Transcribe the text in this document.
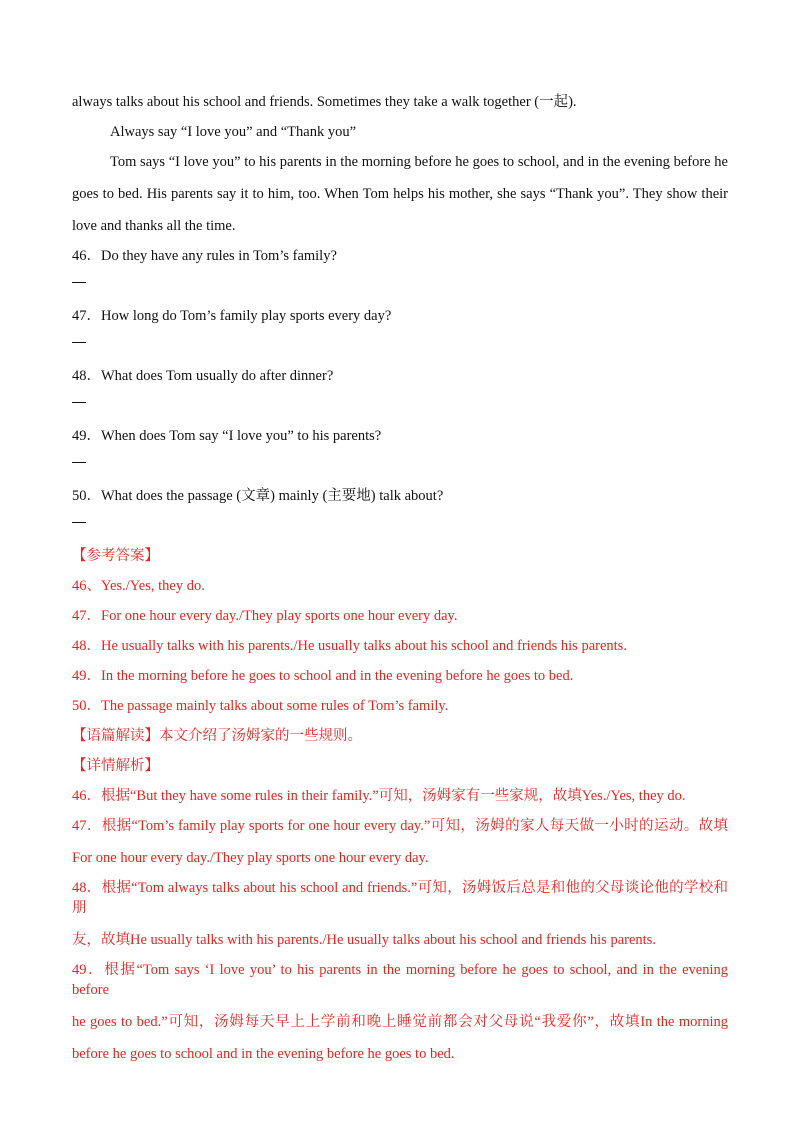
always talks about his school and friends. Sometimes they take a walk together (一起).
Always say “I love you” and “Thank you”
Tom says “I love you” to his parents in the morning before he goes to school, and in the evening before he
goes to bed. His parents say it to him, too. When Tom helps his mother, she says “Thank you”. They show their
love and thanks all the time.
46．Do they have any rules in Tom’s family?
47．How long do Tom’s family play sports every day?
48．What does Tom usually do after dinner?
49．When does Tom say “I love you” to his parents?
50．What does the passage (文章) mainly (主要地) talk about?
【参考答案】
46、Yes./Yes, they do.
47．For one hour every day./They play sports one hour every day.
48．He usually talks with his parents./He usually talks about his school and friends his parents.
49．In the morning before he goes to school and in the evening before he goes to bed.
50．The passage mainly talks about some rules of Tom’s family.
【语篇解读】本文介绍了汤姆家的一些规则。
【详情解析】
46．根据“But they have some rules in their family.”可知，汤姆家有一些家规，故填Yes./Yes, they do.
47．根据“Tom’s family play sports for one hour every day.”可知，汤姆的家人每天做一小时的运动。故填
For one hour every day./They play sports one hour every day.
48．根据“Tom always talks about his school and friends.”可知，汤姆饭后总是和他的父母谈论他的学校和朋
友，故填He usually talks with his parents./He usually talks about his school and friends his parents.
49．根据“Tom says ‘I love you’ to his parents in the morning before he goes to school, and in the evening before
he goes to bed.”可知，汤姆每天早上上学前和晚上睡觉前都会对父母说“我爱你”，故填In the morning
before he goes to school and in the evening before he goes to bed.
